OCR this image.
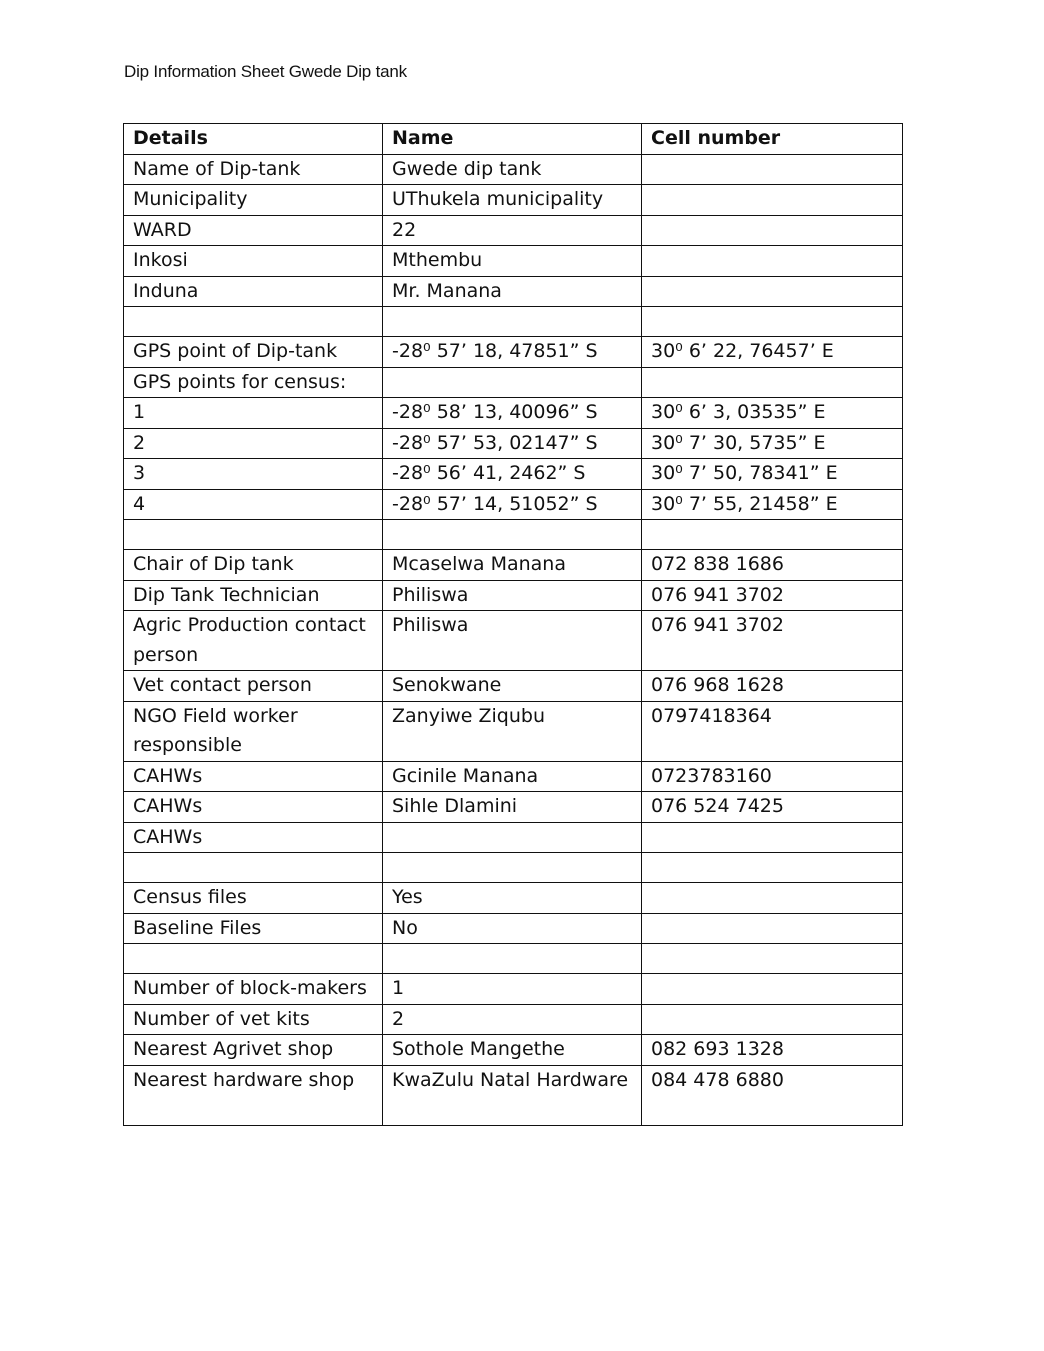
Dip Information Sheet Gwede Dip tank
Details	Name	Cell number
Name of Dip-tank	Gwede dip tank	
Municipality	UThukela municipality	
WARD	22	
Inkosi	Mthembu	
Induna	Mr. Manana	

GPS point of Dip-tank	-28⁰ 57’ 18, 47851” S	30⁰ 6’ 22, 76457’ E
GPS points for census:		
1	-28⁰ 58’ 13, 40096” S	30⁰ 6’ 3, 03535” E
2	-28⁰ 57’ 53, 02147” S	30⁰ 7’ 30, 5735” E
3	-28⁰ 56’ 41, 2462” S	30⁰ 7’ 50, 78341” E
4	-28⁰ 57’ 14, 51052” S	30⁰ 7’ 55, 21458” E

Chair of Dip tank	Mcaselwa Manana	072 838 1686
Dip Tank Technician	Philiswa	076 941 3702
Agric Production contact person	Philiswa	076 941 3702
Vet contact person	Senokwane	076 968 1628
NGO Field worker responsible	Zanyiwe Ziqubu	0797418364
CAHWs	Gcinile Manana	0723783160
CAHWs	Sihle Dlamini	076 524 7425
CAHWs		

Census files	Yes	
Baseline Files	No	

Number of block-makers	1	
Number of vet kits	2	
Nearest Agrivet shop	Sothole Mangethe	082 693 1328
Nearest hardware shop	KwaZulu Natal Hardware	084 478 6880
